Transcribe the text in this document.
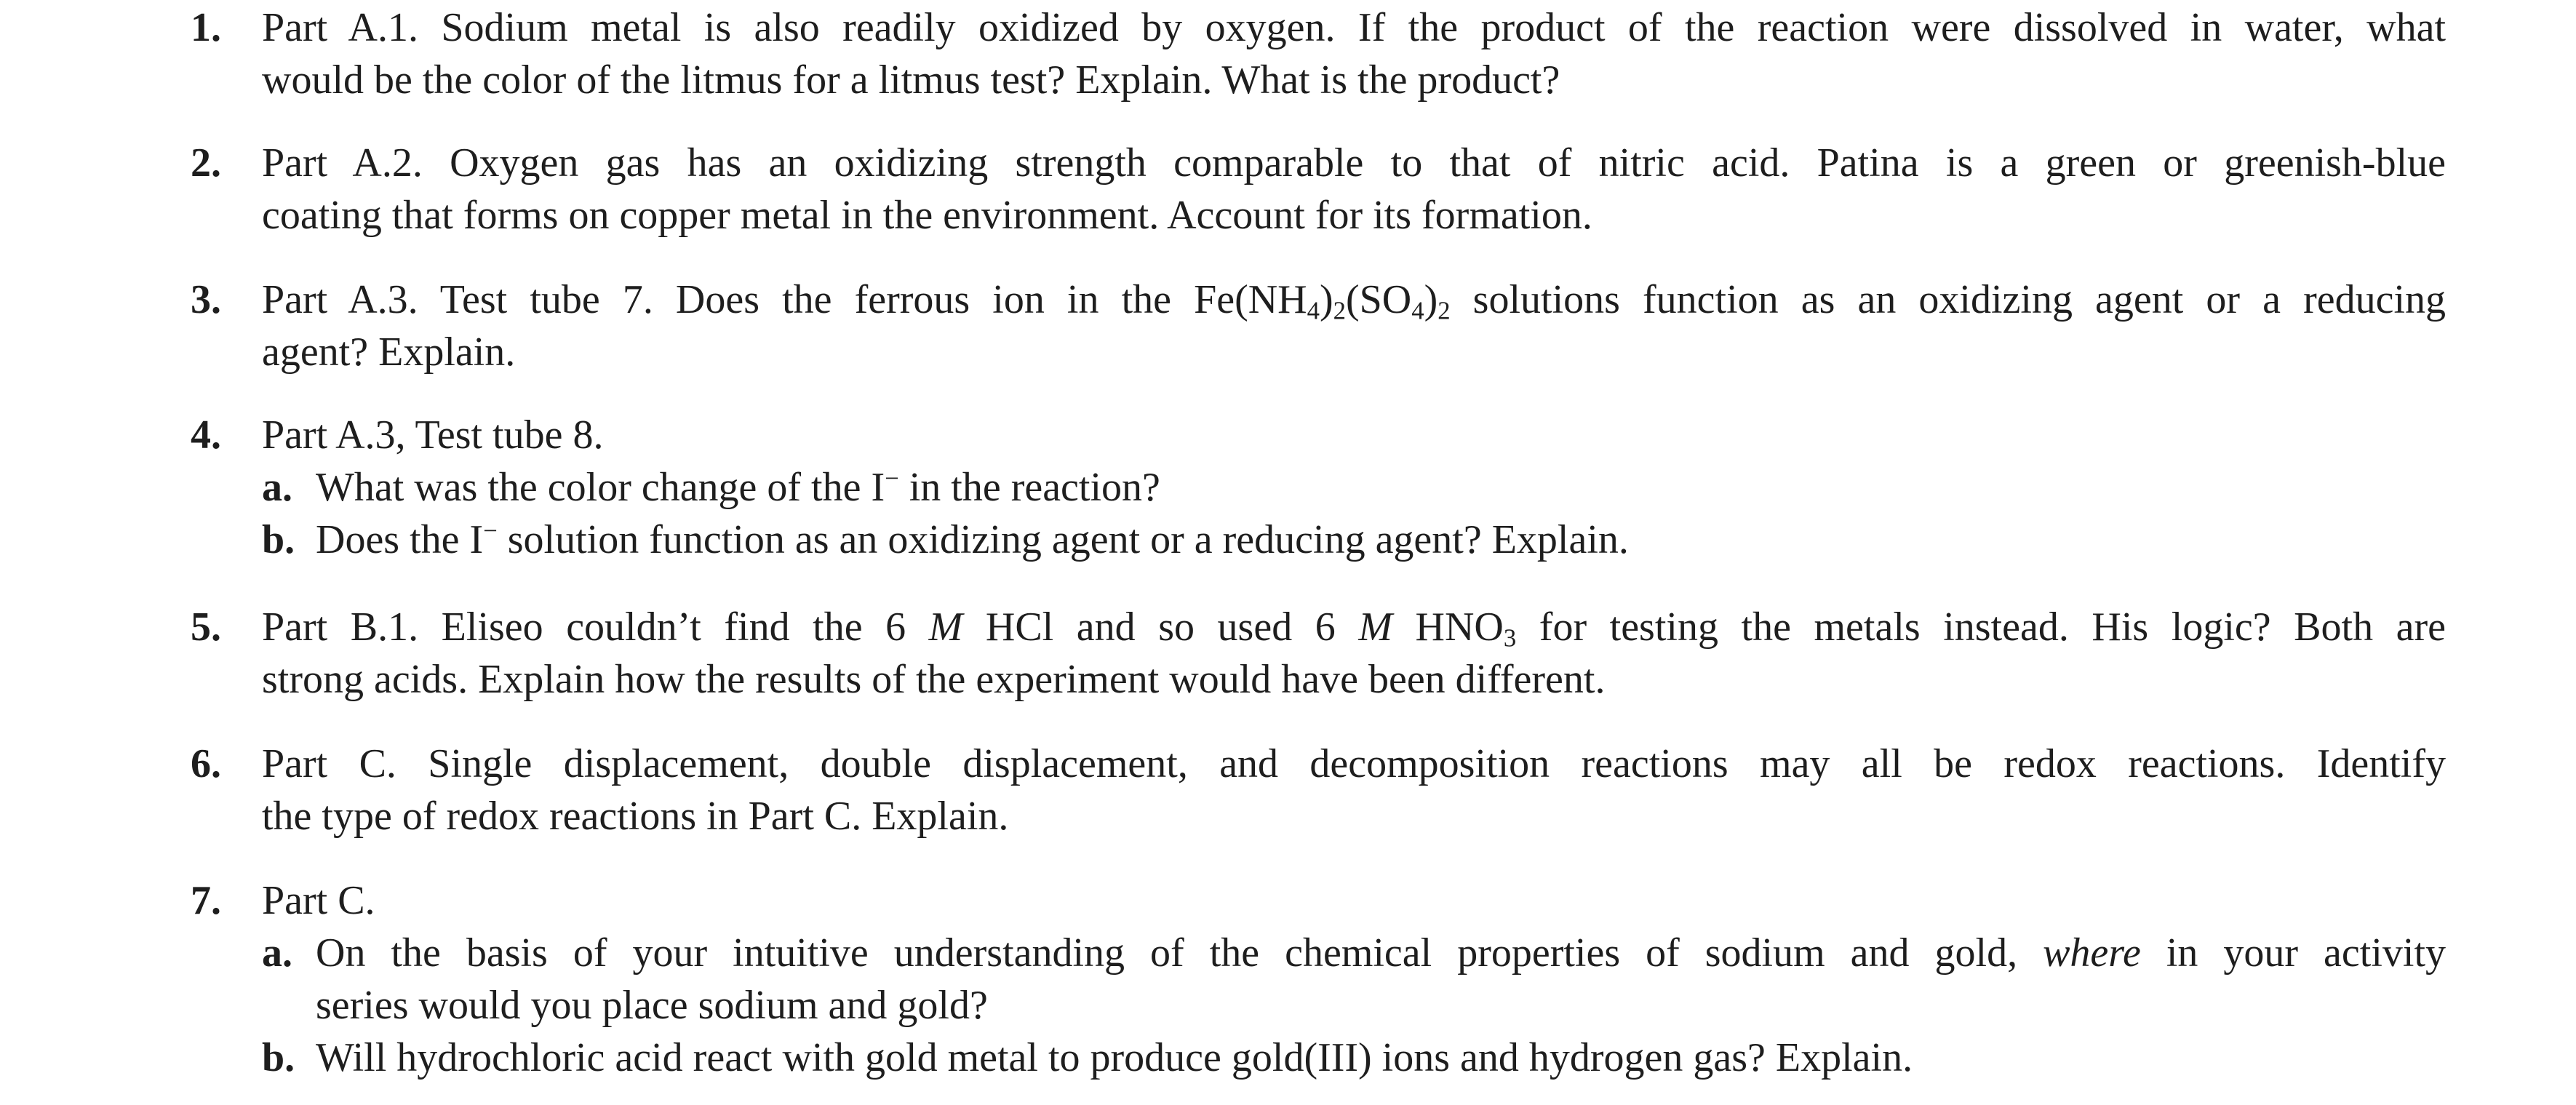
1. Part A.1. Sodium metal is also readily oxidized by oxygen. If the product of the reaction were dissolved in water, what
would be the color of the litmus for a litmus test? Explain. What is the product?
2. Part A.2. Oxygen gas has an oxidizing strength comparable to that of nitric acid. Patina is a green or greenish-blue
coating that forms on copper metal in the environment. Account for its formation.
3. Part A.3. Test tube 7. Does the ferrous ion in the $Fe(NH_4)_2(SO_4)_2$ solutions function as an oxidizing agent or a reducing
agent? Explain.
4. Part A.3, Test tube 8.
a. What was the color change of the I− in the reaction?
b. Does the I− solution function as an oxidizing agent or a reducing agent? Explain.
5. Part B.1. Eliseo couldn’t find the 6 M HCl and so used 6 M $HNO_3$ for testing the metals instead. His logic? Both are
strong acids. Explain how the results of the experiment would have been different.
6. Part C. Single displacement, double displacement, and decomposition reactions may all be redox reactions. Identify
the type of redox reactions in Part C. Explain.
7. Part C.
a. On the basis of your intuitive understanding of the chemical properties of sodium and gold, where in your activity
series would you place sodium and gold?
b. Will hydrochloric acid react with gold metal to produce gold(III) ions and hydrogen gas? Explain.
